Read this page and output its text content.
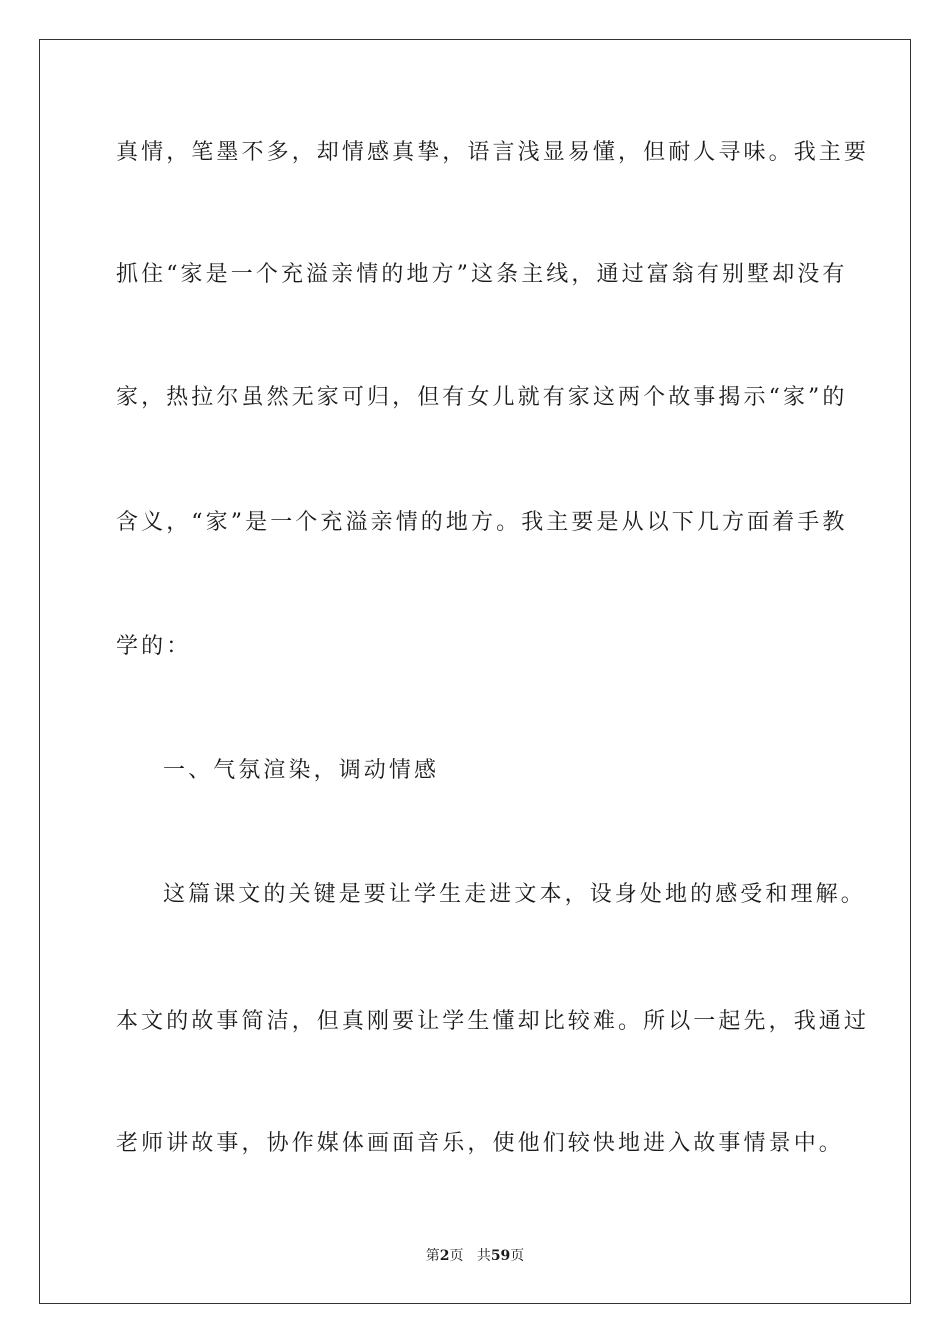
真情，笔墨不多，却情感真挚，语言浅显易懂，但耐人寻味。我主要
抓住“家是一个充溢亲情的地方”这条主线，通过富翁有别墅却没有
家，热拉尔虽然无家可归，但有女儿就有家这两个故事揭示“家”的
含义，“家”是一个充溢亲情的地方。我主要是从以下几方面着手教
学的：
一、气氛渲染，调动情感
这篇课文的关键是要让学生走进文本，设身处地的感受和理解。
本文的故事简洁，但真刚要让学生懂却比较难。所以一起先，我通过
老师讲故事，协作媒体画面音乐，使他们较快地进入故事情景中。
第2页 共59页
